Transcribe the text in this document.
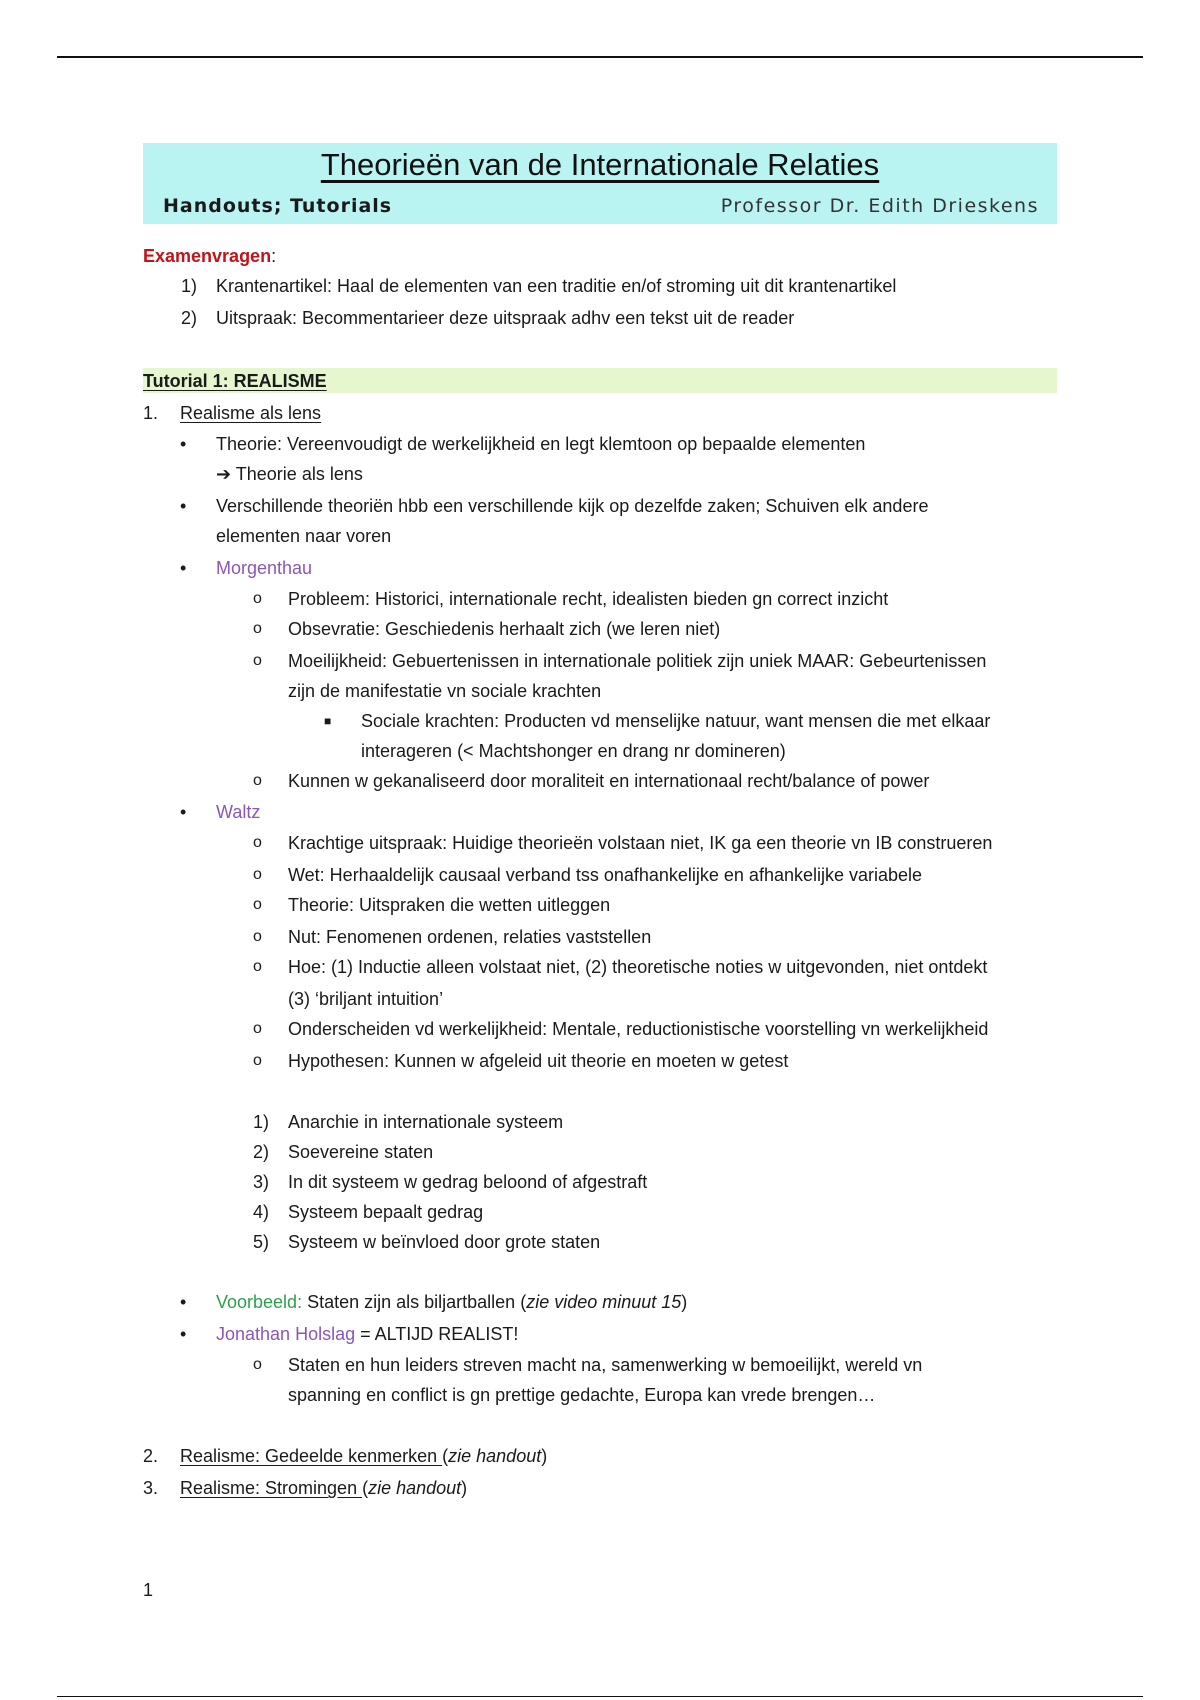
Theorieën van de Internationale Relaties
Handouts; Tutorials	Professor Dr. Edith Drieskens
Examenvragen:
1) Krantenartikel: Haal de elementen van een traditie en/of stroming uit dit krantenartikel
2) Uitspraak: Becommentarieer deze uitspraak adhv een tekst uit de reader
Tutorial 1: REALISME
1. Realisme als lens
• Theorie: Vereenvoudigt de werkelijkheid en legt klemtoon op bepaalde elementen
➔ Theorie als lens
• Verschillende theoriën hbb een verschillende kijk op dezelfde zaken; Schuiven elk andere
elementen naar voren
• Morgenthau
o Probleem: Historici, internationale recht, idealisten bieden gn correct inzicht
o Obsevratie: Geschiedenis herhaalt zich (we leren niet)
o Moeilijkheid: Gebuertenissen in internationale politiek zijn uniek MAAR: Gebeurtenissen
zijn de manifestatie vn sociale krachten
■ Sociale krachten: Producten vd menselijke natuur, want mensen die met elkaar
interageren (< Machtshonger en drang nr domineren)
o Kunnen w gekanaliseerd door moraliteit en internationaal recht/balance of power
• Waltz
o Krachtige uitspraak: Huidige theorieën volstaan niet, IK ga een theorie vn IB construeren
o Wet: Herhaaldelijk causaal verband tss onafhankelijke en afhankelijke variabele
o Theorie: Uitspraken die wetten uitleggen
o Nut: Fenomenen ordenen, relaties vaststellen
o Hoe: (1) Inductie alleen volstaat niet, (2) theoretische noties w uitgevonden, niet ontdekt
(3) ‘briljant intuition’
o Onderscheiden vd werkelijkheid: Mentale, reductionistische voorstelling vn werkelijkheid
o Hypothesen: Kunnen w afgeleid uit theorie en moeten w getest
1) Anarchie in internationale systeem
2) Soevereine staten
3) In dit systeem w gedrag beloond of afgestraft
4) Systeem bepaalt gedrag
5) Systeem w beïnvloed door grote staten
• Voorbeeld: Staten zijn als biljartballen (zie video minuut 15)
• Jonathan Holslag = ALTIJD REALIST!
o Staten en hun leiders streven macht na, samenwerking w bemoeilijkt, wereld vn
spanning en conflict is gn prettige gedachte, Europa kan vrede brengen…
2. Realisme: Gedeelde kenmerken (zie handout)
3. Realisme: Stromingen (zie handout)
1
